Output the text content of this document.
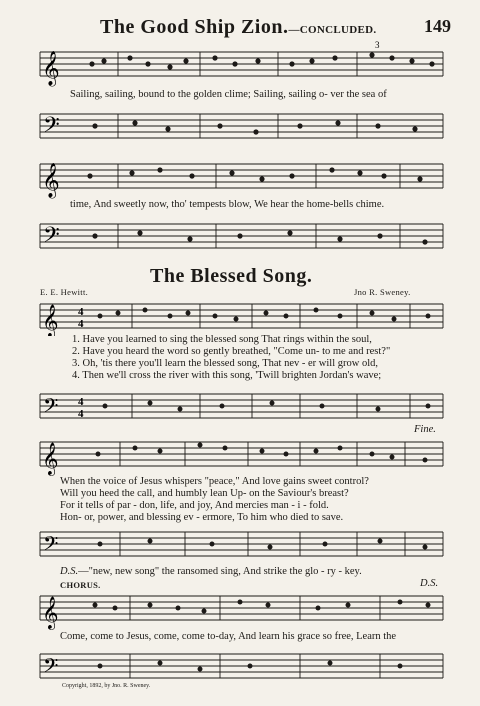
The Good Ship Zion.—CONCLUDED.	149
𝄞
3
Sailing, sailing, bound to the golden clime; Sailing, sailing o- ver the sea of
𝄢
𝄞
time, And sweetly now, tho' tempests blow, We hear the home-bells chime.
𝄢
The Blessed Song.
E. E. Hewitt.	Jno R. Sweney.
𝄞 4
4
1. Have you learned to sing the blessed song That rings within the soul,
2. Have you heard the word so gently breathed, "Come un- to me and rest?"
3. Oh, 'tis there you'll learn the blessed song, That nev - er will grow old,
4. Then we'll cross the river with this song, 'Twill brighten Jordan's wave;
𝄢 4
4
Fine.
𝄞
When the voice of Jesus whispers "peace," And love gains sweet control?
Will you heed the call, and humbly lean Up- on the Saviour's breast?
For it tells of par - don, life, and joy, And mercies man - i - fold.
Hon- or, power, and blessing ev - ermore, To him who died to save.
𝄢
D.S.—"new, new song" the ransomed sing, And strike the glo - ry - key.
CHORUS.	D.S.
𝄞
Come, come to Jesus, come, come to-day, And learn his grace so free, Learn the
𝄢
Copyright, 1892, by Jno. R. Sweney.
